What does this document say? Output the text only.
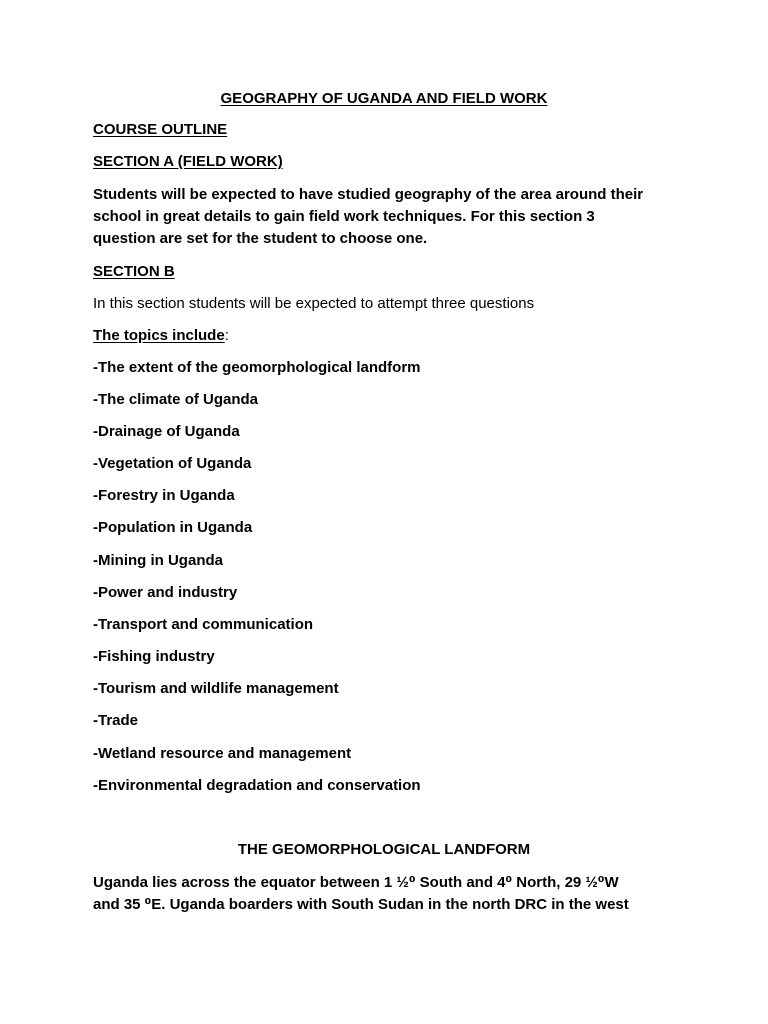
GEOGRAPHY OF UGANDA AND FIELD WORK
COURSE OUTLINE
SECTION A (FIELD WORK)
Students will be expected to have studied geography of the area around their
school in great details to gain field work techniques. For this section 3
question are set for the student to choose one.
SECTION B
In this section students will be expected to attempt three questions
The topics include:
-The extent of the geomorphological landform
-The climate of Uganda
-Drainage of Uganda
-Vegetation of Uganda
-Forestry in Uganda
-Population in Uganda
-Mining in Uganda
-Power and industry
-Transport and communication
-Fishing industry
-Tourism and wildlife management
-Trade
-Wetland resource and management
-Environmental degradation and conservation
THE GEOMORPHOLOGICAL LANDFORM
Uganda lies across the equator between 1 ½⁰ South and 4⁰ North, 29 ½⁰W
and 35 ⁰E. Uganda boarders with South Sudan in the north DRC in the west
